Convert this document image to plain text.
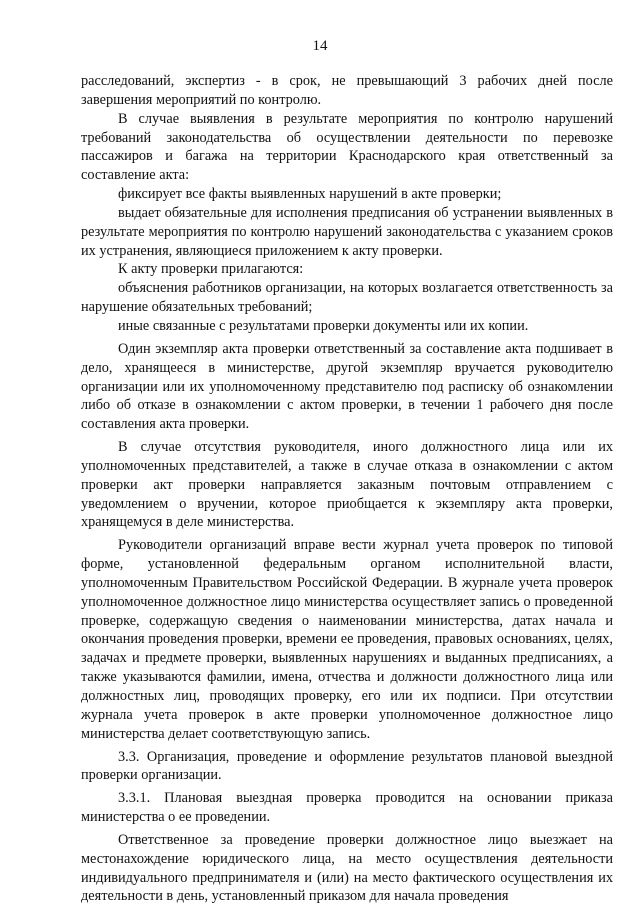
14

расследований, экспертиз - в срок, не превышающий 3 рабочих дней после завершения мероприятий по контролю.

В случае выявления в результате мероприятия по контролю нарушений требований законодательства об осуществлении деятельности по перевозке пассажиров и багажа на территории Краснодарского края ответственный за составление акта:

фиксирует все факты выявленных нарушений в акте проверки;

выдает обязательные для исполнения предписания об устранении выявленных в результате мероприятия по контролю нарушений законодательства с указанием сроков их устранения, являющиеся приложением к акту проверки.

К акту проверки прилагаются:

объяснения работников организации, на которых возлагается ответственность за нарушение обязательных требований;

иные связанные с результатами проверки документы или их копии.

Один экземпляр акта проверки ответственный за составление акта подшивает в дело, хранящееся в министерстве, другой экземпляр вручается руководителю организации или их уполномоченному представителю под расписку об ознакомлении либо об отказе в ознакомлении с актом проверки, в течении 1 рабочего дня после составления акта проверки.

В случае отсутствия руководителя, иного должностного лица или их уполномоченных представителей, а также в случае отказа в ознакомлении с актом проверки акт проверки направляется заказным почтовым отправлением с уведомлением о вручении, которое приобщается к экземпляру акта проверки, хранящемуся в деле министерства.

Руководители организаций вправе вести журнал учета проверок по типовой форме, установленной федеральным органом исполнительной власти, уполномоченным Правительством Российской Федерации. В журнале учета проверок уполномоченное должностное лицо министерства осуществляет запись о проведенной проверке, содержащую сведения о наименовании министерства, датах начала и окончания проведения проверки, времени ее проведения, правовых основаниях, целях, задачах и предмете проверки, выявленных нарушениях и выданных предписаниях, а также указываются фамилии, имена, отчества и должности должностного лица или должностных лиц, проводящих проверку, его или их подписи. При отсутствии журнала учета проверок в акте проверки уполномоченное должностное лицо министерства делает соответствующую запись.

3.3. Организация, проведение и оформление результатов плановой выездной проверки организации.

3.3.1. Плановая выездная проверка проводится на основании приказа министерства о ее проведении.

Ответственное за проведение проверки должностное лицо выезжает на местонахождение юридического лица, на место осуществления деятельности индивидуального предпринимателя и (или) на место фактического осуществления их деятельности в день, установленный приказом для начала проведения
